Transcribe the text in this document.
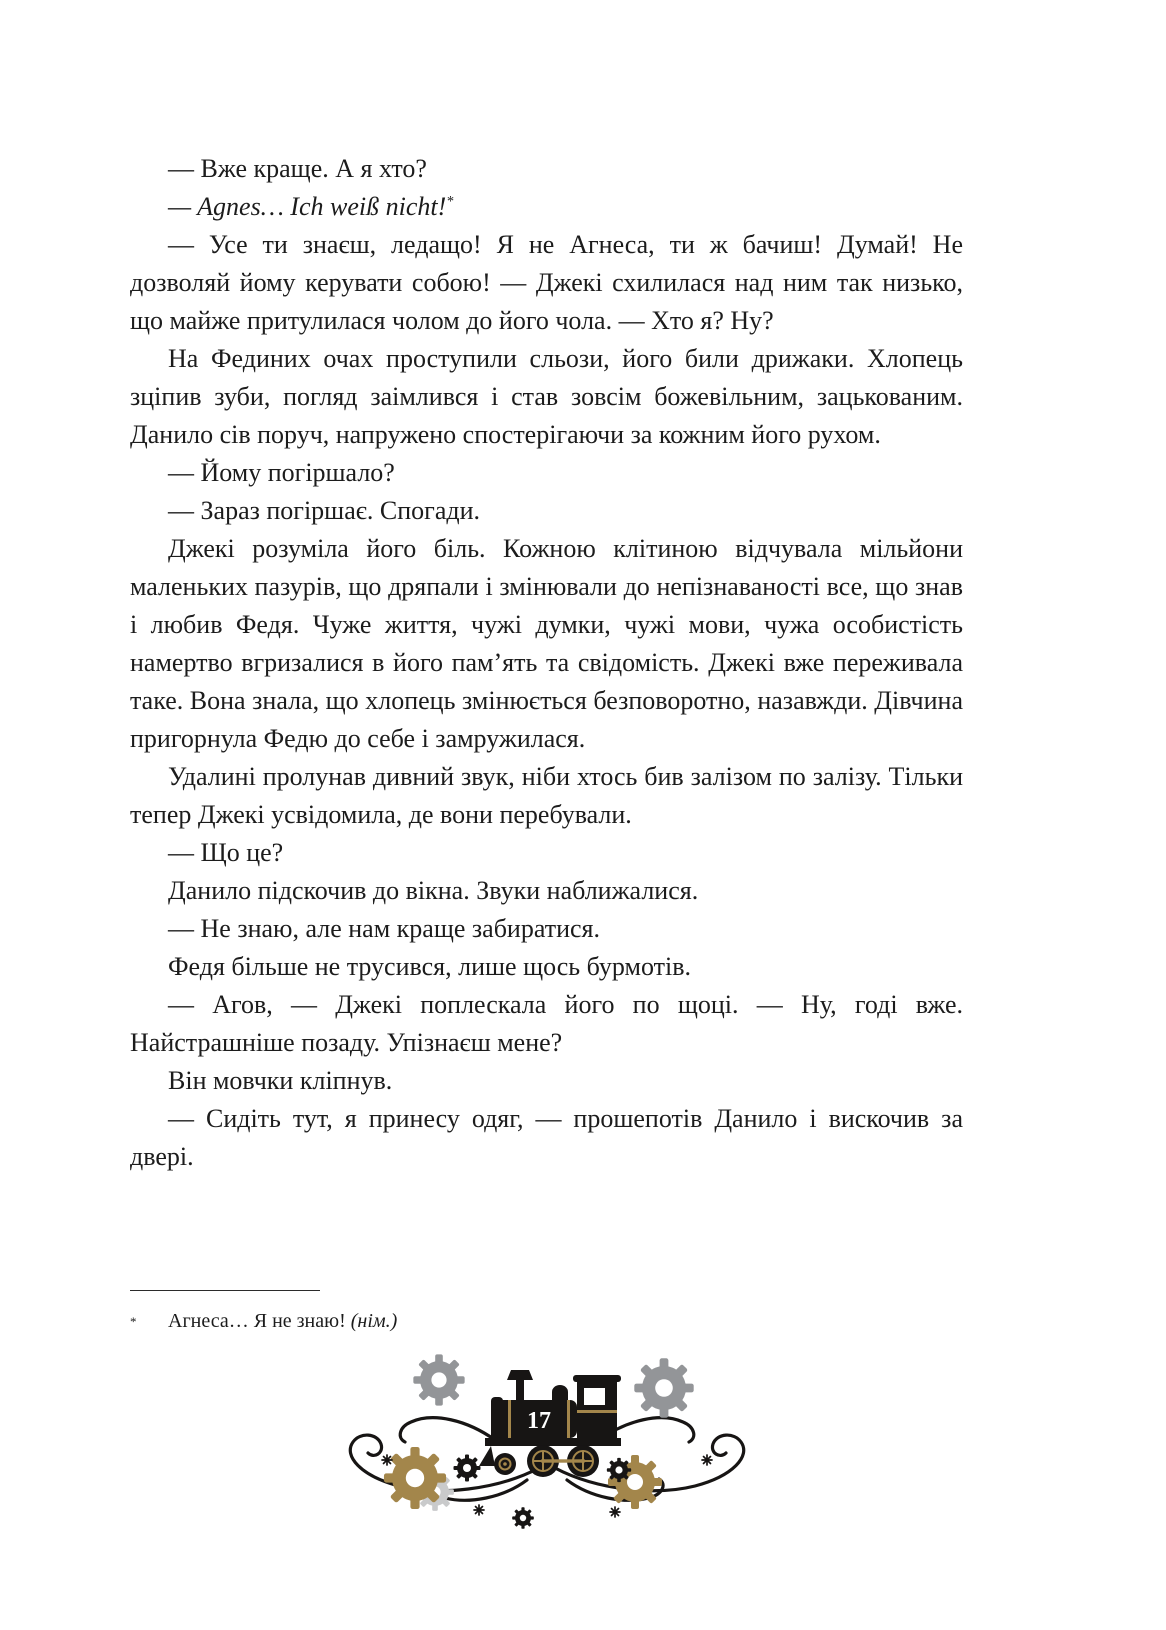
— Вже краще. А я хто?

— Agnes… Ich weiß nicht!*

— Усе ти знаєш, ледащо! Я не Агнеса, ти ж бачиш! Думай! Не дозволяй йому керувати собою! — Джекі схилилася над ним так низько, що майже притулилася чолом до його чола. — Хто я? Ну?

На Фединих очах проступили сльози, його били дрижаки. Хлопець зціпив зуби, погляд заімлився і став зовсім божевільним, зацькованим. Данило сів поруч, напружено спостерігаючи за кожним його рухом.

— Йому погіршало?

— Зараз погіршає. Спогади.

Джекі розуміла його біль. Кожною клітиною відчувала мільйони маленьких пазурів, що дряпали і змінювали до непізнаваності все, що знав і любив Федя. Чуже життя, чужі думки, чужі мови, чужа особистість намертво вгризалися в його пам’ять та свідомість. Джекі вже переживала таке. Вона знала, що хлопець змінюється безповоротно, назавжди. Дівчина пригорнула Федю до себе і замружилася.

Удалині пролунав дивний звук, ніби хтось бив залізом по залізу. Тільки тепер Джекі усвідомила, де вони перебували.

— Що це?

Данило підскочив до вікна. Звуки наближалися.

— Не знаю, але нам краще забиратися.

Федя більше не трусився, лише щось бурмотів.

— Агов, — Джекі поплескала його по щоці. — Ну, годі вже. Найстрашніше позаду. Упізнаєш мене?

Він мовчки кліпнув.

— Сидіть тут, я принесу одяг, — прошепотів Данило і вискочив за двері.

*	Агнеса… Я не знаю! (нім.)
17
